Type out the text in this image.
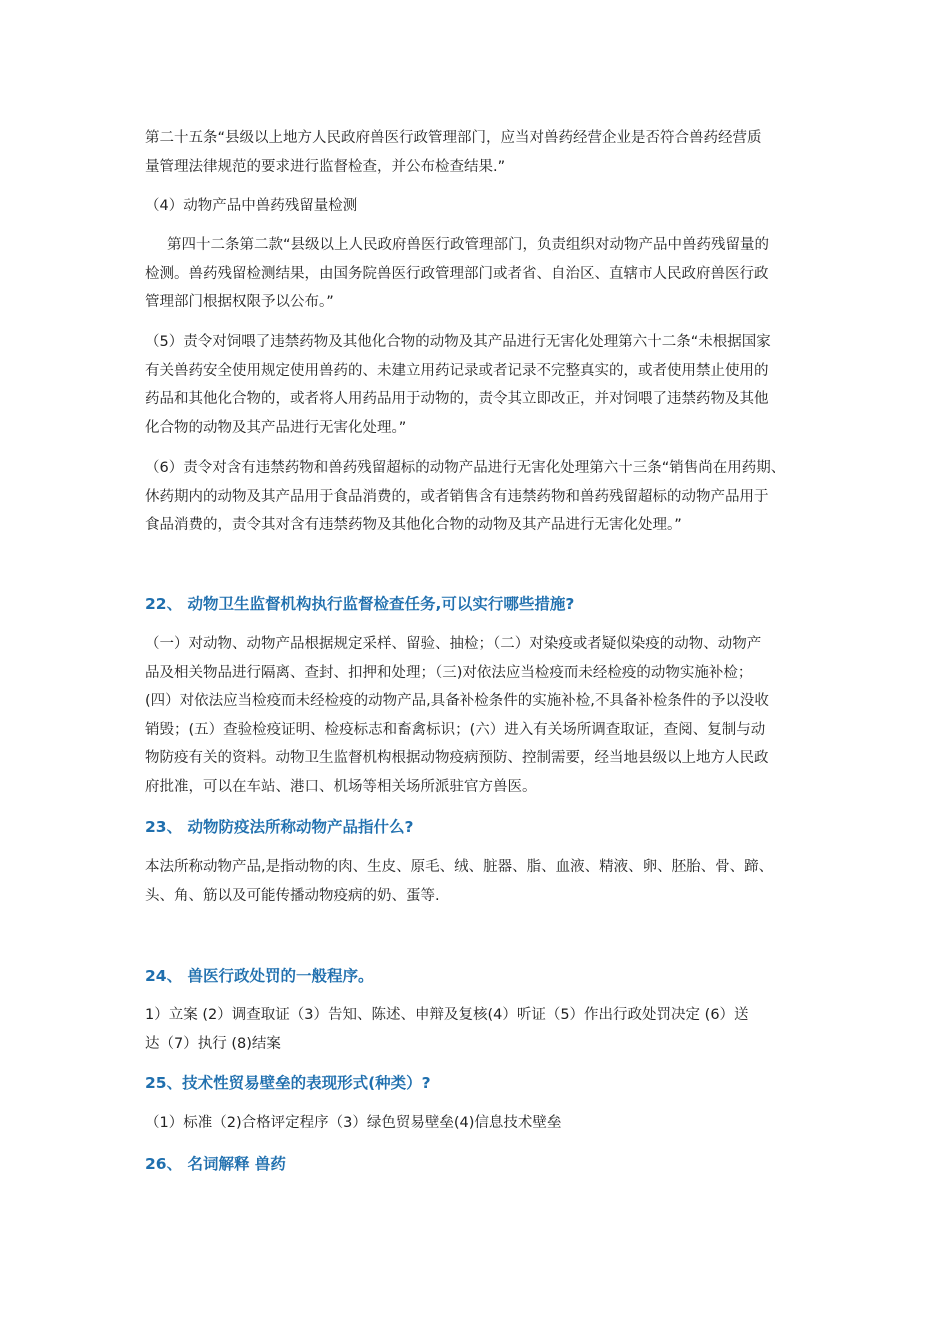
第二十五条“县级以上地方人民政府兽医行政管理部门，应当对兽药经营企业是否符合兽药经营质
量管理法律规范的要求进行监督检查，并公布检查结果.”

（4）动物产品中兽药残留量检测

第四十二条第二款“县级以上人民政府兽医行政管理部门，负责组织对动物产品中兽药残留量的
检测。兽药残留检测结果，由国务院兽医行政管理部门或者省、自治区、直辖市人民政府兽医行政
管理部门根据权限予以公布。”

（5）责令对饲喂了违禁药物及其他化合物的动物及其产品进行无害化处理第六十二条“未根据国家
有关兽药安全使用规定使用兽药的、未建立用药记录或者记录不完整真实的，或者使用禁止使用的
药品和其他化合物的，或者将人用药品用于动物的，责令其立即改正，并对饲喂了违禁药物及其他
化合物的动物及其产品进行无害化处理。”

（6）责令对含有违禁药物和兽药残留超标的动物产品进行无害化处理第六十三条“销售尚在用药期、
休药期内的动物及其产品用于食品消费的，或者销售含有违禁药物和兽药残留超标的动物产品用于
食品消费的，责令其对含有违禁药物及其他化合物的动物及其产品进行无害化处理。”

22、 动物卫生监督机构执行监督检查任务,可以实行哪些措施?

（一）对动物、动物产品根据规定采样、留验、抽检；（二）对染疫或者疑似染疫的动物、动物产
品及相关物品进行隔离、查封、扣押和处理；（三)对依法应当检疫而未经检疫的动物实施补检；
(四）对依法应当检疫而未经检疫的动物产品,具备补检条件的实施补检,不具备补检条件的予以没收
销毁；(五）查验检疫证明、检疫标志和畜禽标识；(六）进入有关场所调查取证，查阅、复制与动
物防疫有关的资料。动物卫生监督机构根据动物疫病预防、控制需要，经当地县级以上地方人民政
府批准，可以在车站、港口、机场等相关场所派驻官方兽医。

23、 动物防疫法所称动物产品指什么?

本法所称动物产品,是指动物的肉、生皮、原毛、绒、脏器、脂、血液、精液、卵、胚胎、骨、蹄、
头、角、筋以及可能传播动物疫病的奶、蛋等.

24、 兽医行政处罚的一般程序。

1）立案 (2）调查取证（3）告知、陈述、申辩及复核(4）听证（5）作出行政处罚决定 (6）送
达（7）执行 (8)结案

25、技术性贸易壁垒的表现形式(种类）?

（1）标准（2)合格评定程序（3）绿色贸易壁垒(4)信息技术壁垒

26、 名词解释 兽药
